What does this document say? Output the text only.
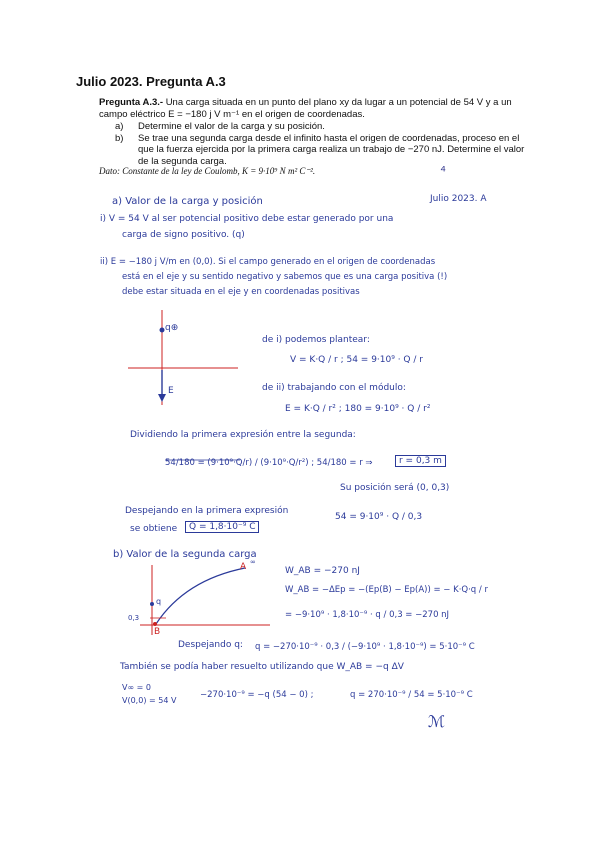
Julio 2023. Pregunta A.3
Pregunta A.3.- Una carga situada en un punto del plano xy da lugar a un potencial de 54 V y a un campo eléctrico E = −180 j V m⁻¹ en el origen de coordenadas.
a)	Determine el valor de la carga y su posición.
b)	Se trae una segunda carga desde el infinito hasta el origen de coordenadas, proceso en el que la fuerza ejercida por la primera carga realiza un trabajo de −270 nJ. Determine el valor de la segunda carga.
Dato: Constante de la ley de Coulomb, K = 9·10⁹ N m² C⁻².	⁴
Julio 2023. A
a) Valor de la carga y posición
i) V = 54 V al ser potencial positivo debe estar generado por una
carga de signo positivo. (q)
ii) E = −180 j V/m en (0,0). Si el campo generado en el origen de coordenadas
está en el eje y su sentido negativo y sabemos que es una carga positiva (!)
debe estar situada en el eje y en coordenadas positivas
q⊕
E
de i) podemos plantear:
V = K·Q / r ; 54 = 9·10⁹ · Q / r
de ii) trabajando con el módulo:
E = K·Q / r² ; 180 = 9·10⁹ · Q / r²
Dividiendo la primera expresión entre la segunda:
54/180 = (9·10⁹·Q/r) / (9·10⁹·Q/r²) ; 54/180 = r ⇒	r = 0,3 m
Su posición será (0, 0,3)
Despejando en la primera expresión
se obtiene	Q = 1,8·10⁻⁹ C
54 = 9·10⁹ · Q / 0,3
b) Valor de la segunda carga
A ∞
B
0,3
q
W_AB = −270 nJ
W_AB = −ΔEp = −(Ep(B) − Ep(A)) = − K·Q·q / r
= −9·10⁹ · 1,8·10⁻⁹ · q / 0,3 = −270 nJ
Despejando q: q = −270·10⁻⁹ · 0,3 / (−9·10⁹ · 1,8·10⁻⁹) = 5·10⁻⁹ C
También se podía haber resuelto utilizando que W_AB = −q ΔV
V∞ = 0
V(0,0) = 54 V
−270·10⁻⁹ = −q (54 − 0) ;	q = 270·10⁻⁹ / 54 = 5·10⁻⁹ C
ℳ
